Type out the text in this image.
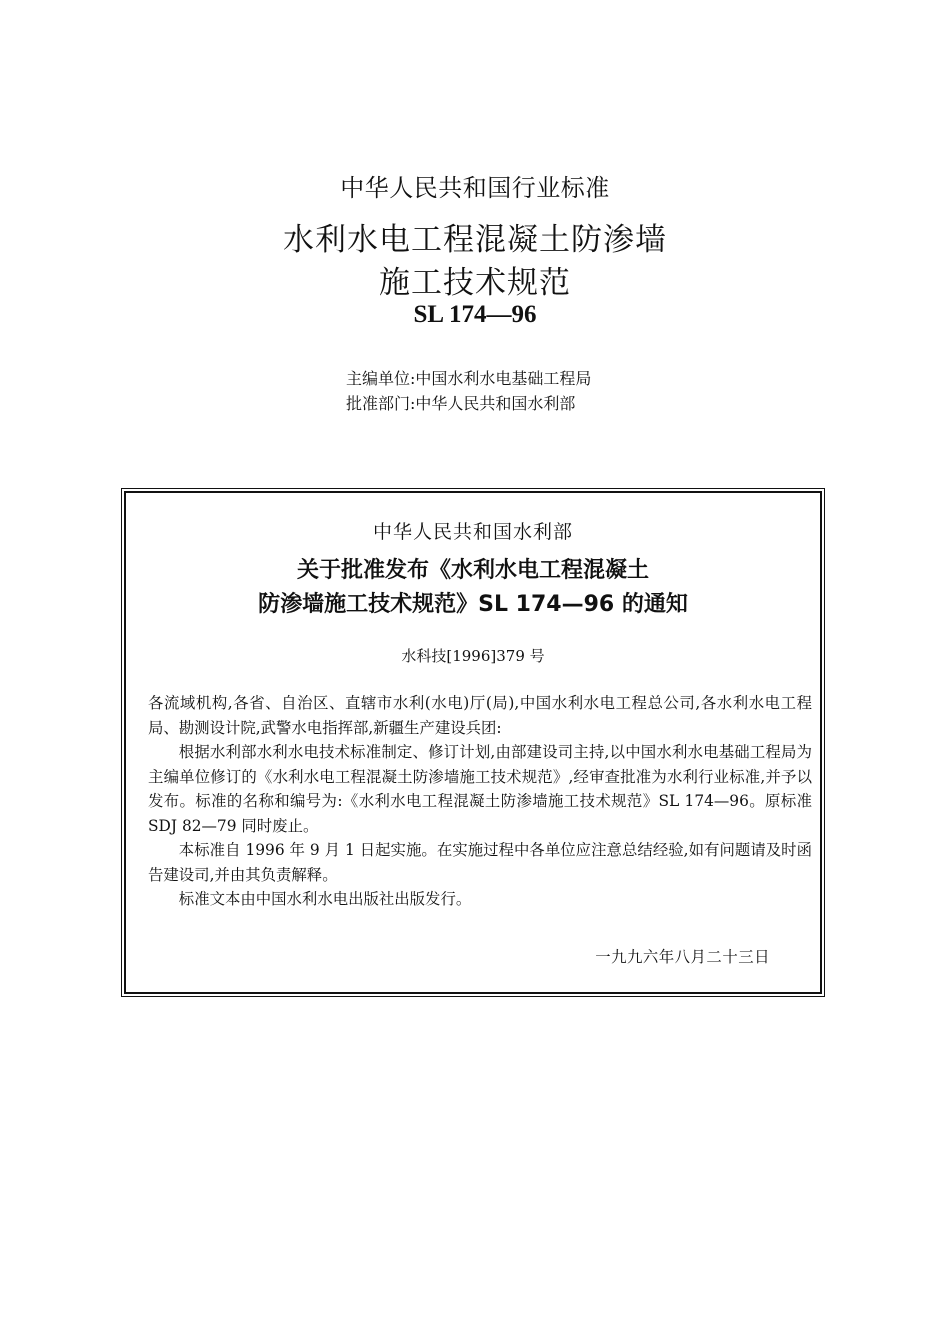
中华人民共和国行业标准
水利水电工程混凝土防渗墙
施工技术规范
SL 174—96
主编单位:中国水利水电基础工程局
批准部门:中华人民共和国水利部
中华人民共和国水利部
关于批准发布《水利水电工程混凝土
防渗墙施工技术规范》SL 174—96 的通知
水科技[1996]379 号

各流域机构,各省、自治区、直辖市水利(水电)厅(局),中国水利水电工程总公司,各水利水电工程局、勘测设计院,武警水电指挥部,新疆生产建设兵团:

根据水利部水利水电技术标准制定、修订计划,由部建设司主持,以中国水利水电基础工程局为主编单位修订的《水利水电工程混凝土防渗墙施工技术规范》,经审查批准为水利行业标准,并予以发布。标准的名称和编号为:《水利水电工程混凝土防渗墙施工技术规范》SL 174—96。原标准 SDJ 82—79 同时废止。

本标准自 1996 年 9 月 1 日起实施。在实施过程中各单位应注意总结经验,如有问题请及时函告建设司,并由其负责解释。

标准文本由中国水利水电出版社出版发行。

一九九六年八月二十三日
